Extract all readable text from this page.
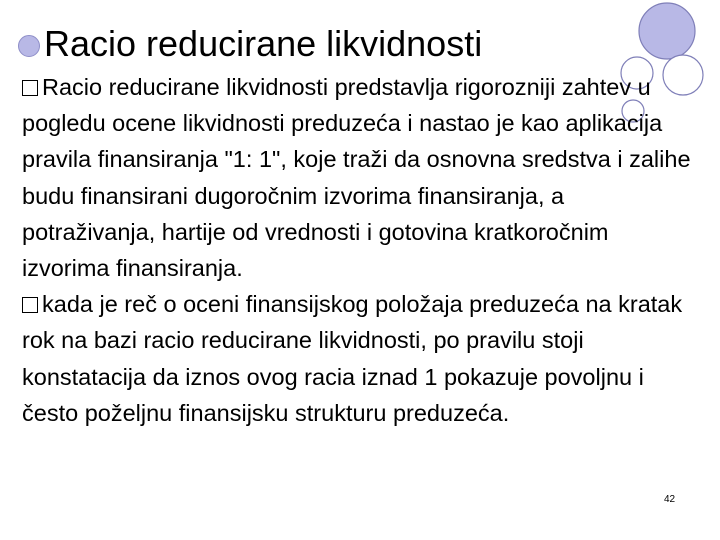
Racio reducirane likvidnosti

Racio reducirane likvidnosti predstavlja rigorozniji zahtev u pogledu ocene likvidnosti preduzeća i nastao je kao aplikacija pravila finansiranja "1: 1", koje traži da osnovna sredstva i zalihe budu finansirani dugoročnim izvorima finansiranja, a potraživanja, hartije od vrednosti i gotovina kratkoročnim izvorima finansiranja.

kada je reč o oceni finansijskog položaja preduzeća na kratak rok na bazi racio reducirane likvidnosti, po pravilu stoji konstatacija da iznos ovog racia iznad 1 pokazuje povoljnu i često poželjnu finansijsku strukturu preduzeća.

42
